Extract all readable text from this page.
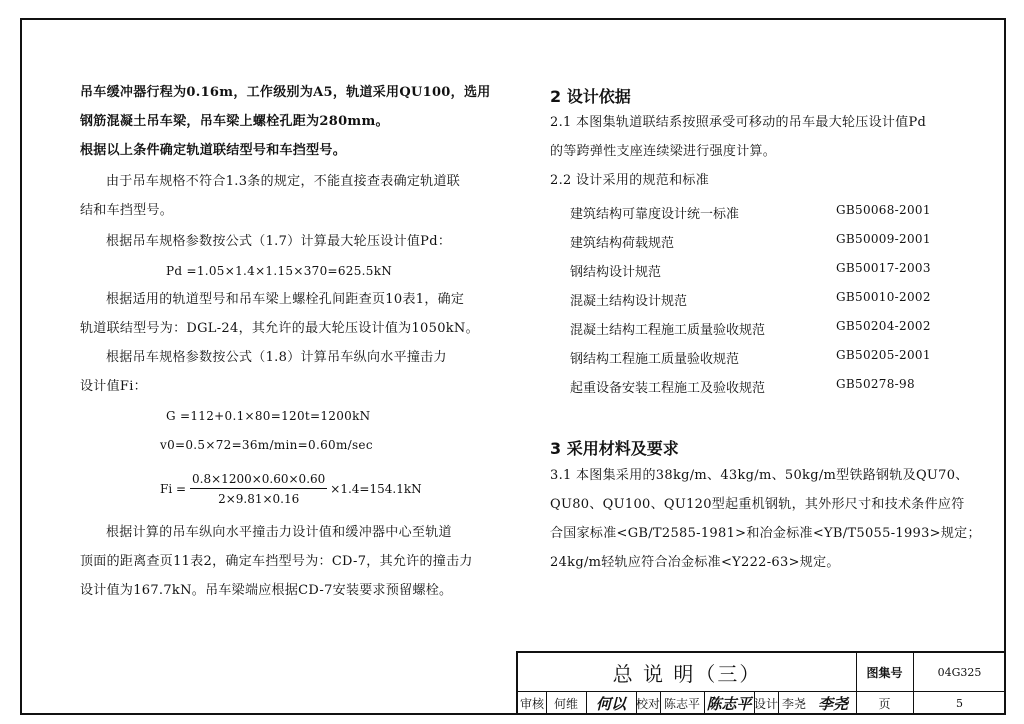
吊车缓冲器行程为0.16m，工作级别为A5，轨道采用QU100，选用
钢筋混凝土吊车梁，吊车梁上螺栓孔距为280mm。
根据以上条件确定轨道联结型号和车挡型号。
由于吊车规格不符合1.3条的规定，不能直接查表确定轨道联
结和车挡型号。
根据吊车规格参数按公式（1.7）计算最大轮压设计值Pd：
Pd =1.05×1.4×1.15×370=625.5kN
根据适用的轨道型号和吊车梁上螺栓孔间距查页10表1，确定
轨道联结型号为：DGL-24，其允许的最大轮压设计值为1050kN。
根据吊车规格参数按公式（1.8）计算吊车纵向水平撞击力
设计值Fi：
G =112+0.1×80=120t=1200kN
v0=0.5×72=36m/min=0.60m/sec
$Fi = \frac{0.8\times 1200\times 0.60\times 0.60}{2\times 9.81\times 0.16} \times 1.4=154.1kN$
根据计算的吊车纵向水平撞击力设计值和缓冲器中心至轨道
顶面的距离查页11表2，确定车挡型号为：CD-7，其允许的撞击力
设计值为167.7kN。吊车梁端应根据CD-7安装要求预留螺栓。
2 设计依据
2.1 本图集轨道联结系按照承受可移动的吊车最大轮压设计值Pd
的等跨弹性支座连续梁进行强度计算。
2.2 设计采用的规范和标准
建筑结构可靠度设计统一标准	GB50068-2001
建筑结构荷载规范	GB50009-2001
钢结构设计规范	GB50017-2003
混凝土结构设计规范	GB50010-2002
混凝土结构工程施工质量验收规范	GB50204-2002
钢结构工程施工质量验收规范	GB50205-2001
起重设备安装工程施工及验收规范	GB50278-98
3 采用材料及要求
3.1 本图集采用的38kg/m、43kg/m、50kg/m型铁路钢轨及QU70、
QU80、QU100、QU120型起重机钢轨，其外形尺寸和技术条件应符
合国家标准<GB/T2585-1981>和冶金标准<YB/T5055-1993>规定；
24kg/m轻轨应符合冶金标准<Y222-63>规定。
总 说 明（三）	图集号	04G325
审核 何维	何以 校对 陈志平 陈志平 设计 李尧 李尧	页	5
